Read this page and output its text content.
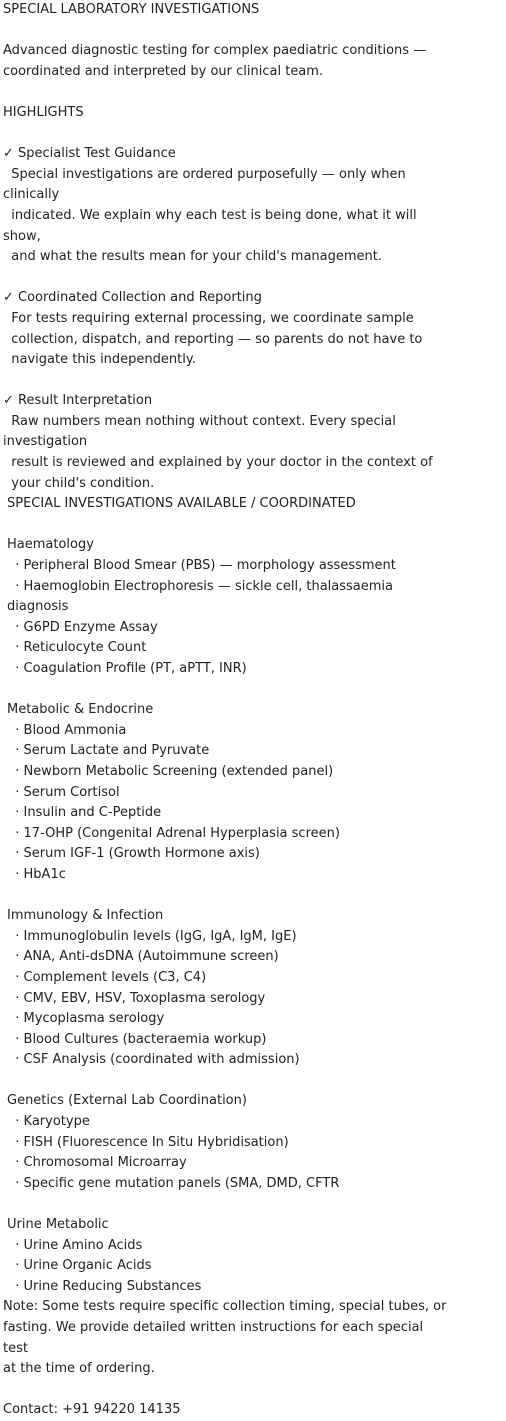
SPECIAL LABORATORY INVESTIGATIONS
Advanced diagnostic testing for complex paediatric conditions —
coordinated and interpreted by our clinical team.
HIGHLIGHTS
✓ Specialist Test Guidance
Special investigations are ordered purposefully — only when
clinically
indicated. We explain why each test is being done, what it will
show,
and what the results mean for your child's management.
✓ Coordinated Collection and Reporting
For tests requiring external processing, we coordinate sample
collection, dispatch, and reporting — so parents do not have to
navigate this independently.
✓ Result Interpretation
Raw numbers mean nothing without context. Every special
investigation
result is reviewed and explained by your doctor in the context of
your child's condition.
SPECIAL INVESTIGATIONS AVAILABLE / COORDINATED
Haematology
· Peripheral Blood Smear (PBS) — morphology assessment
· Haemoglobin Electrophoresis — sickle cell, thalassaemia
diagnosis
· G6PD Enzyme Assay
· Reticulocyte Count
· Coagulation Profile (PT, aPTT, INR)
Metabolic & Endocrine
· Blood Ammonia
· Serum Lactate and Pyruvate
· Newborn Metabolic Screening (extended panel)
· Serum Cortisol
· Insulin and C-Peptide
· 17-OHP (Congenital Adrenal Hyperplasia screen)
· Serum IGF-1 (Growth Hormone axis)
· HbA1c
Immunology & Infection
· Immunoglobulin levels (IgG, IgA, IgM, IgE)
· ANA, Anti-dsDNA (Autoimmune screen)
· Complement levels (C3, C4)
· CMV, EBV, HSV, Toxoplasma serology
· Mycoplasma serology
· Blood Cultures (bacteraemia workup)
· CSF Analysis (coordinated with admission)
Genetics (External Lab Coordination)
· Karyotype
· FISH (Fluorescence In Situ Hybridisation)
· Chromosomal Microarray
· Specific gene mutation panels (SMA, DMD, CFTR
Urine Metabolic
· Urine Amino Acids
· Urine Organic Acids
· Urine Reducing Substances
Note: Some tests require specific collection timing, special tubes, or
fasting. We provide detailed written instructions for each special
test
at the time of ordering.
Contact: +91 94220 14135
